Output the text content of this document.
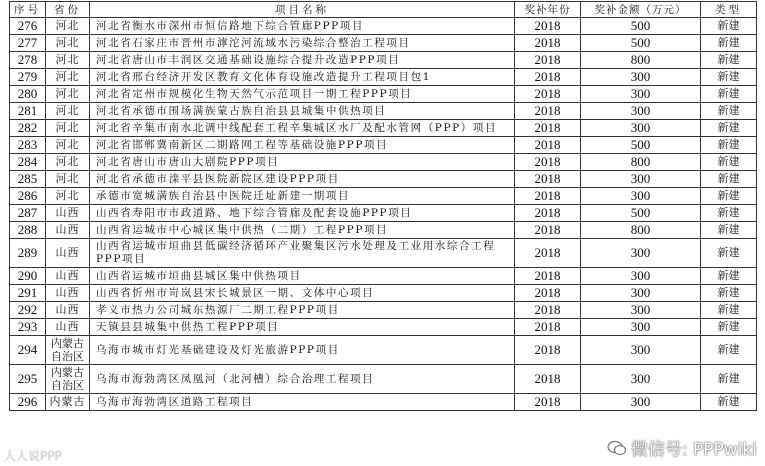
序号	省份	项目名称	奖补年份	奖补金额（万元）	类型
276	河北	河北省衡水市深州市恒信路地下综合管廊PPP项目	2018	500	新建
277	河北	河北省石家庄市晋州市滹沱河流域水污染综合整治工程项目	2018	500	新建
278	河北	河北省唐山市丰润区交通基础设施综合提升改造PPP项目	2018	800	新建
279	河北	河北省邢台经济开发区教育文化体育设施改造提升工程项目包1	2018	300	新建
280	河北	河北省定州市规模化生物天然气示范项目一期工程PPP项目	2018	300	新建
281	河北	河北省承德市围场满族蒙古族自治县县城集中供热项目	2018	300	新建
282	河北	河北省辛集市南水北调中线配套工程辛集城区水厂及配水管网（PPP）项目	2018	300	新建
283	河北	河北省邯郸冀南新区二期路网工程等基础设施PPP项目	2018	500	新建
284	河北	河北省唐山市唐山大剧院PPP项目	2018	800	新建
285	河北	河北省承德市滦平县医院新院区建设PPP项目	2018	300	新建
286	河北	承德市宽城满族自治县中医院迁址新建一期项目	2018	300	新建
287	山西	山西省寿阳市市政道路、地下综合管廊及配套设施PPP项目	2018	500	新建
288	山西	山西省运城市中心城区集中供热（二期）工程PPP项目	2018	800	新建
289	山西	山西省运城市垣曲县低碳经济循环产业聚集区污水处理及工业用水综合工程PPP项目	2018	300	新建
290	山西	山西省运城市垣曲县城区集中供热项目	2018	300	新建
291	山西	山西省忻州市岢岚县宋长城景区一期、文体中心项目	2018	300	新建
292	山西	孝义市热力公司城东热源厂二期工程PPP项目	2018	300	新建
293	山西	天镇县县城集中供热工程PPP项目	2018	300	新建
294	内蒙古自治区	乌海市城市灯光基础建设及灯光旅游PPP项目	2018	300	新建
295	内蒙古自治区	乌海市海勃湾区凤凰河（北河槽）综合治理工程项目	2018	300	新建
296	内蒙古	乌海市海勃湾区道路工程项目	2018	300	新建
人人说PPP	微信号: PPPwiki
